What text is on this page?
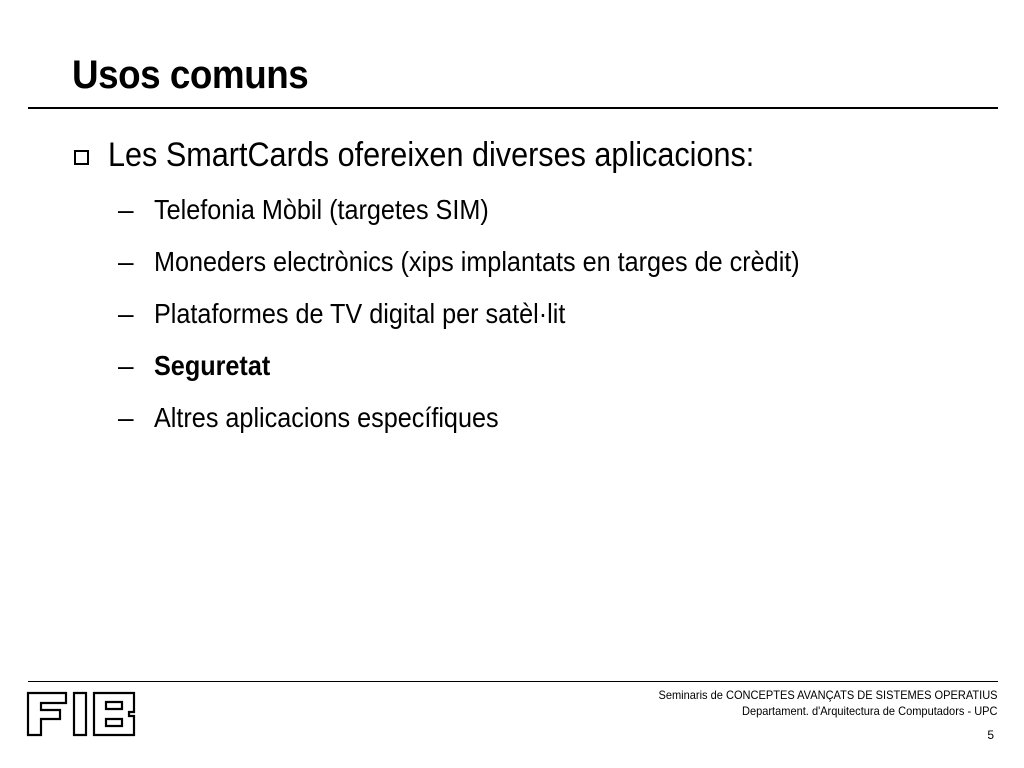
Usos comuns
Les SmartCards ofereixen diverses aplicacions:
– Telefonia Mòbil (targetes SIM)
– Moneders electrònics (xips implantats en targes de crèdit)
– Plataformes de TV digital per satèl·lit
– Seguretat
– Altres aplicacions específiques
Seminaris de CONCEPTES AVANÇATS DE SISTEMES OPERATIUS
Departament. d'Arquitectura de Computadors - UPC
5
